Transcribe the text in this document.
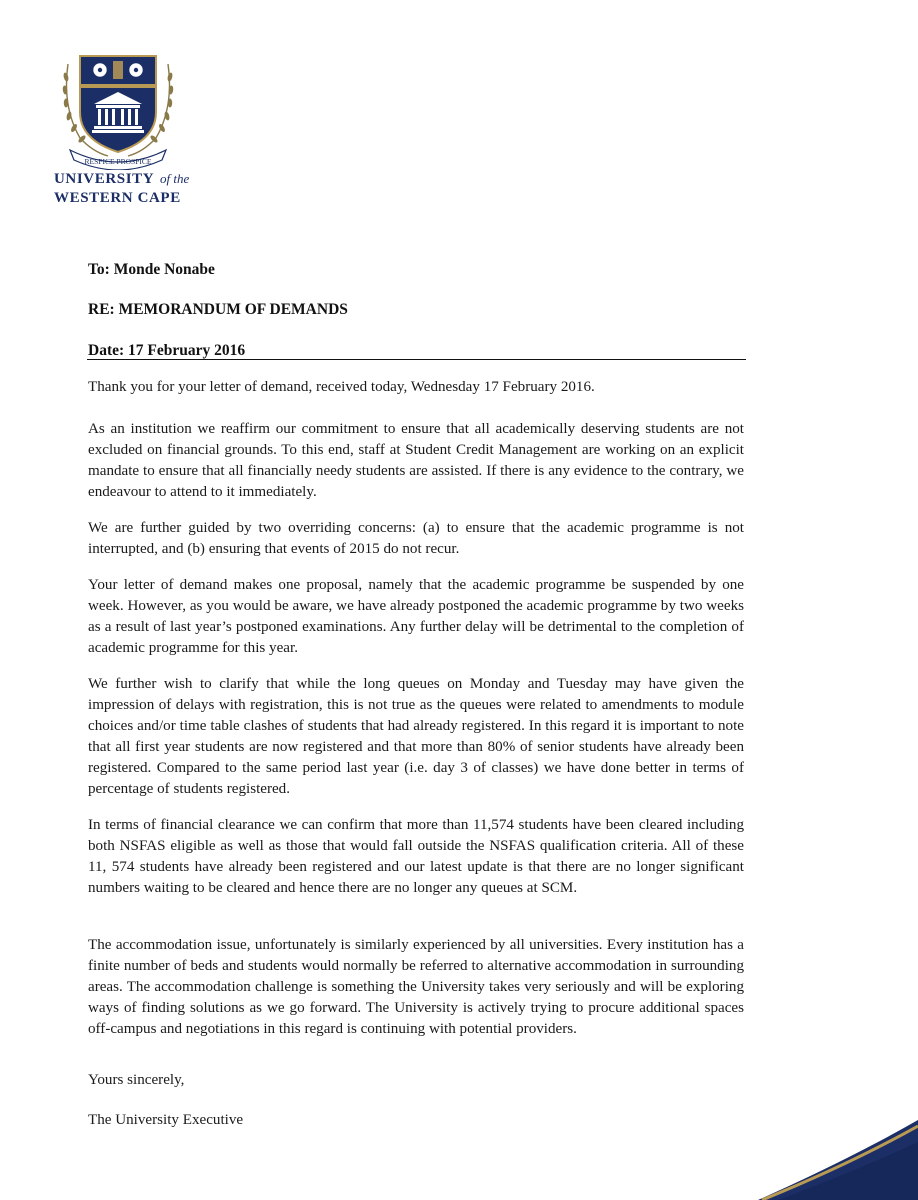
RESPICE PROSPICE
UNIVERSITY of the
WESTERN CAPE
To: Monde Nonabe
RE: MEMORANDUM OF DEMANDS
Date: 17 February 2016

Thank you for your letter of demand, received today, Wednesday 17 February 2016.

As an institution we reaffirm our commitment to ensure that all academically deserving students are not excluded on financial grounds. To this end, staff at Student Credit Management are working on an explicit mandate to ensure that all financially needy students are assisted. If there is any evidence to the contrary, we endeavour to attend to it immediately.

We are further guided by two overriding concerns: (a) to ensure that the academic programme is not interrupted, and (b) ensuring that events of 2015 do not recur.

Your letter of demand makes one proposal, namely that the academic programme be suspended by one week. However, as you would be aware, we have already postponed the academic programme by two weeks as a result of last year’s postponed examinations. Any further delay will be detrimental to the completion of academic programme for this year.

We further wish to clarify that while the long queues on Monday and Tuesday may have given the impression of delays with registration, this is not true as the queues were related to amendments to module choices and/or time table clashes of students that had already registered. In this regard it is important to note that all first year students are now registered and that more than 80% of senior students have already been registered. Compared to the same period last year (i.e. day 3 of classes) we have done better in terms of percentage of students registered.

In terms of financial clearance we can confirm that more than 11,574 students have been cleared including both NSFAS eligible as well as those that would fall outside the NSFAS qualification criteria. All of these 11, 574 students have already been registered and our latest update is that there are no longer significant numbers waiting to be cleared and hence there are no longer any queues at SCM.

The accommodation issue, unfortunately is similarly experienced by all universities. Every institution has a finite number of beds and students would normally be referred to alternative accommodation in surrounding areas. The accommodation challenge is something the University takes very seriously and will be exploring ways of finding solutions as we go forward. The University is actively trying to procure additional spaces off-campus and negotiations in this regard is continuing with potential providers.

Yours sincerely,

The University Executive
